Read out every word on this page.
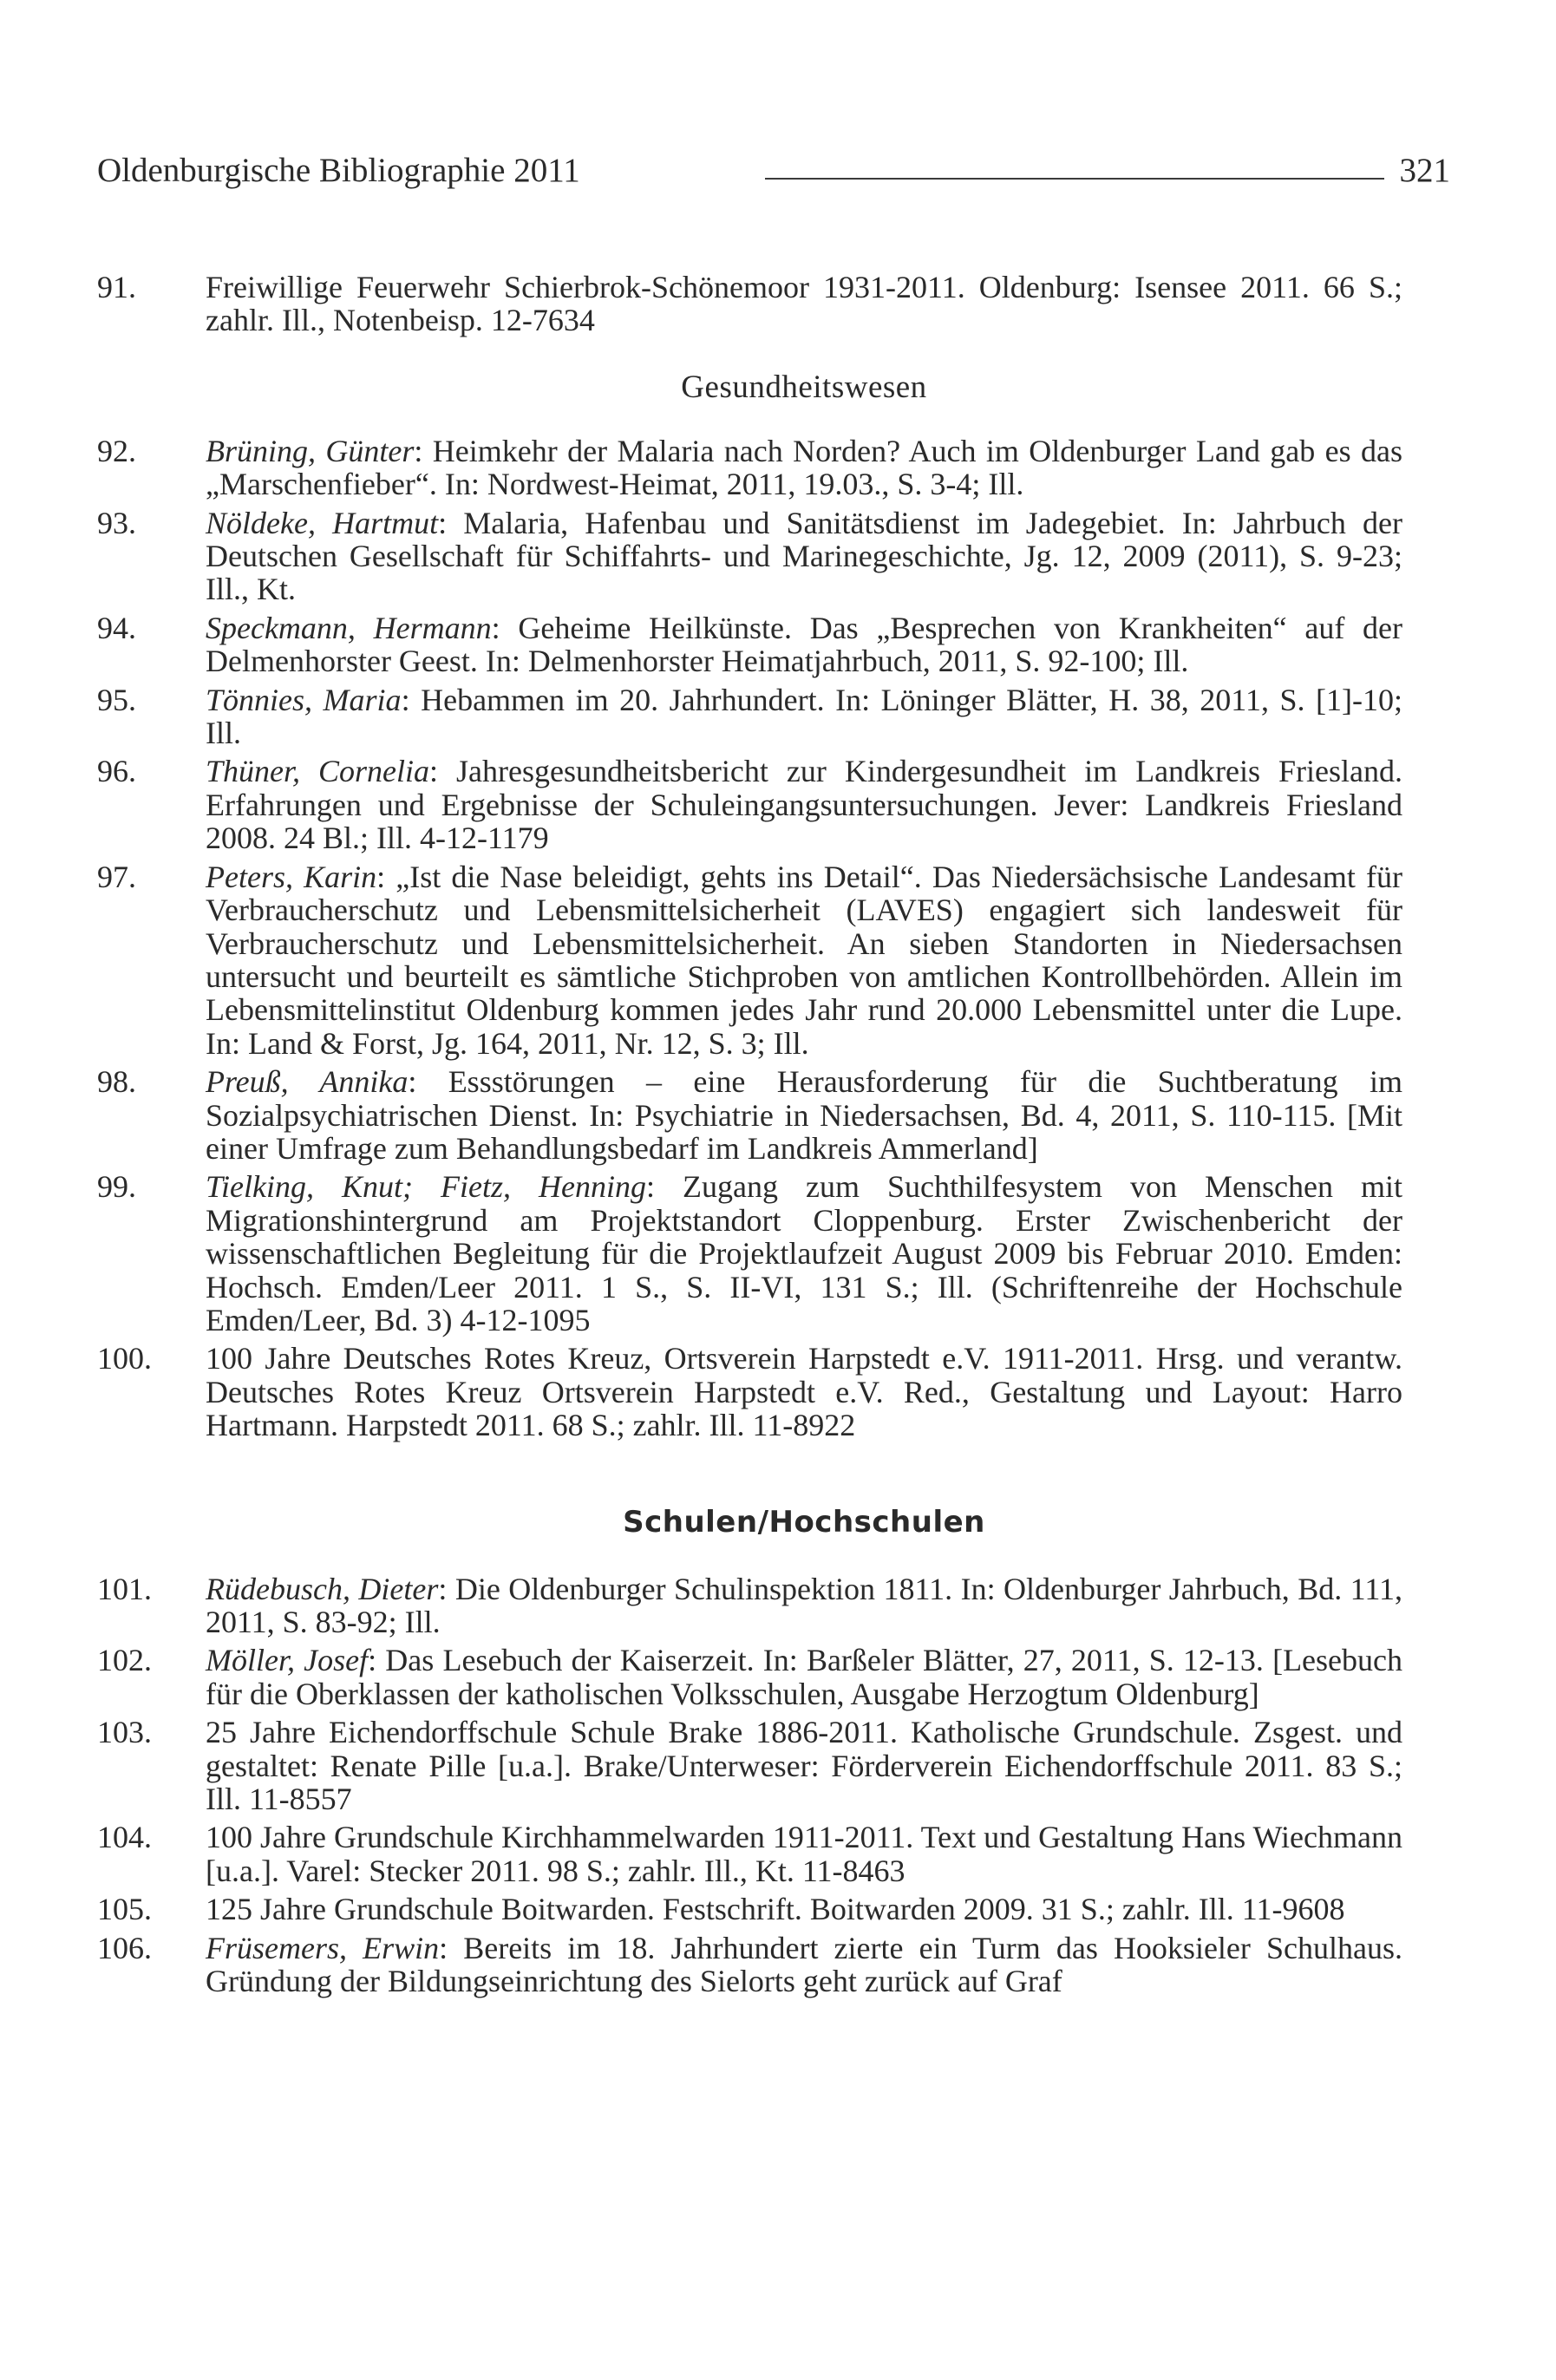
Oldenburgische Bibliographie 2011	321
91.	Freiwillige Feuerwehr Schierbrok-Schönemoor 1931-2011. Oldenburg: Isensee 2011. 66 S.; zahlr. Ill., Notenbeisp. 12-7634
Gesundheitswesen
92.	Brüning, Günter: Heimkehr der Malaria nach Norden? Auch im Oldenburger Land gab es das „Marschenfieber“. In: Nordwest-Heimat, 2011, 19.03., S. 3-4; Ill.
93.	Nöldeke, Hartmut: Malaria, Hafenbau und Sanitätsdienst im Jadegebiet. In: Jahrbuch der Deutschen Gesellschaft für Schiffahrts- und Marinegeschichte, Jg. 12, 2009 (2011), S. 9-23; Ill., Kt.
94.	Speckmann, Hermann: Geheime Heilkünste. Das „Besprechen von Krankheiten“ auf der Delmenhorster Geest. In: Delmenhorster Heimatjahrbuch, 2011, S. 92-100; Ill.
95.	Tönnies, Maria: Hebammen im 20. Jahrhundert. In: Löninger Blätter, H. 38, 2011, S. [1]-10; Ill.
96.	Thüner, Cornelia: Jahresgesundheitsbericht zur Kindergesundheit im Landkreis Friesland. Erfahrungen und Ergebnisse der Schuleingangsuntersuchungen. Jever: Landkreis Friesland 2008. 24 Bl.; Ill. 4-12-1179
97.	Peters, Karin: „Ist die Nase beleidigt, gehts ins Detail“. Das Niedersächsische Landesamt für Verbraucherschutz und Lebensmittelsicherheit (LAVES) engagiert sich landesweit für Verbraucherschutz und Lebensmittelsicherheit. An sieben Standorten in Niedersachsen untersucht und beurteilt es sämtliche Stichproben von amtlichen Kontrollbehörden. Allein im Lebensmittelinstitut Oldenburg kommen jedes Jahr rund 20.000 Lebensmittel unter die Lupe. In: Land & Forst, Jg. 164, 2011, Nr. 12, S. 3; Ill.
98.	Preuß, Annika: Essstörungen – eine Herausforderung für die Suchtberatung im Sozialpsychiatrischen Dienst. In: Psychiatrie in Niedersachsen, Bd. 4, 2011, S. 110-115. [Mit einer Umfrage zum Behandlungsbedarf im Landkreis Ammerland]
99.	Tielking, Knut; Fietz, Henning: Zugang zum Suchthilfesystem von Menschen mit Migrationshintergrund am Projektstandort Cloppenburg. Erster Zwischenbericht der wissenschaftlichen Begleitung für die Projektlaufzeit August 2009 bis Februar 2010. Emden: Hochsch. Emden/Leer 2011. 1 S., S. II-VI, 131 S.; Ill. (Schriftenreihe der Hochschule Emden/Leer, Bd. 3) 4-12-1095
100.	100 Jahre Deutsches Rotes Kreuz, Ortsverein Harpstedt e.V. 1911-2011. Hrsg. und verantw. Deutsches Rotes Kreuz Ortsverein Harpstedt e.V. Red., Gestaltung und Layout: Harro Hartmann. Harpstedt 2011. 68 S.; zahlr. Ill. 11-8922
Schulen/Hochschulen
101.	Rüdebusch, Dieter: Die Oldenburger Schulinspektion 1811. In: Oldenburger Jahrbuch, Bd. 111, 2011, S. 83-92; Ill.
102.	Möller, Josef: Das Lesebuch der Kaiserzeit. In: Barßeler Blätter, 27, 2011, S. 12-13. [Lesebuch für die Oberklassen der katholischen Volksschulen, Ausgabe Herzogtum Oldenburg]
103.	25 Jahre Eichendorffschule Schule Brake 1886-2011. Katholische Grundschule. Zsgest. und gestaltet: Renate Pille [u.a.]. Brake/Unterweser: Förderverein Eichendorffschule 2011. 83 S.; Ill. 11-8557
104.	100 Jahre Grundschule Kirchhammelwarden 1911-2011. Text und Gestaltung Hans Wiechmann [u.a.]. Varel: Stecker 2011. 98 S.; zahlr. Ill., Kt. 11-8463
105.	125 Jahre Grundschule Boitwarden. Festschrift. Boitwarden 2009. 31 S.; zahlr. Ill. 11-9608
106.	Früsemers, Erwin: Bereits im 18. Jahrhundert zierte ein Turm das Hooksieler Schulhaus. Gründung der Bildungseinrichtung des Sielorts geht zurück auf Graf
